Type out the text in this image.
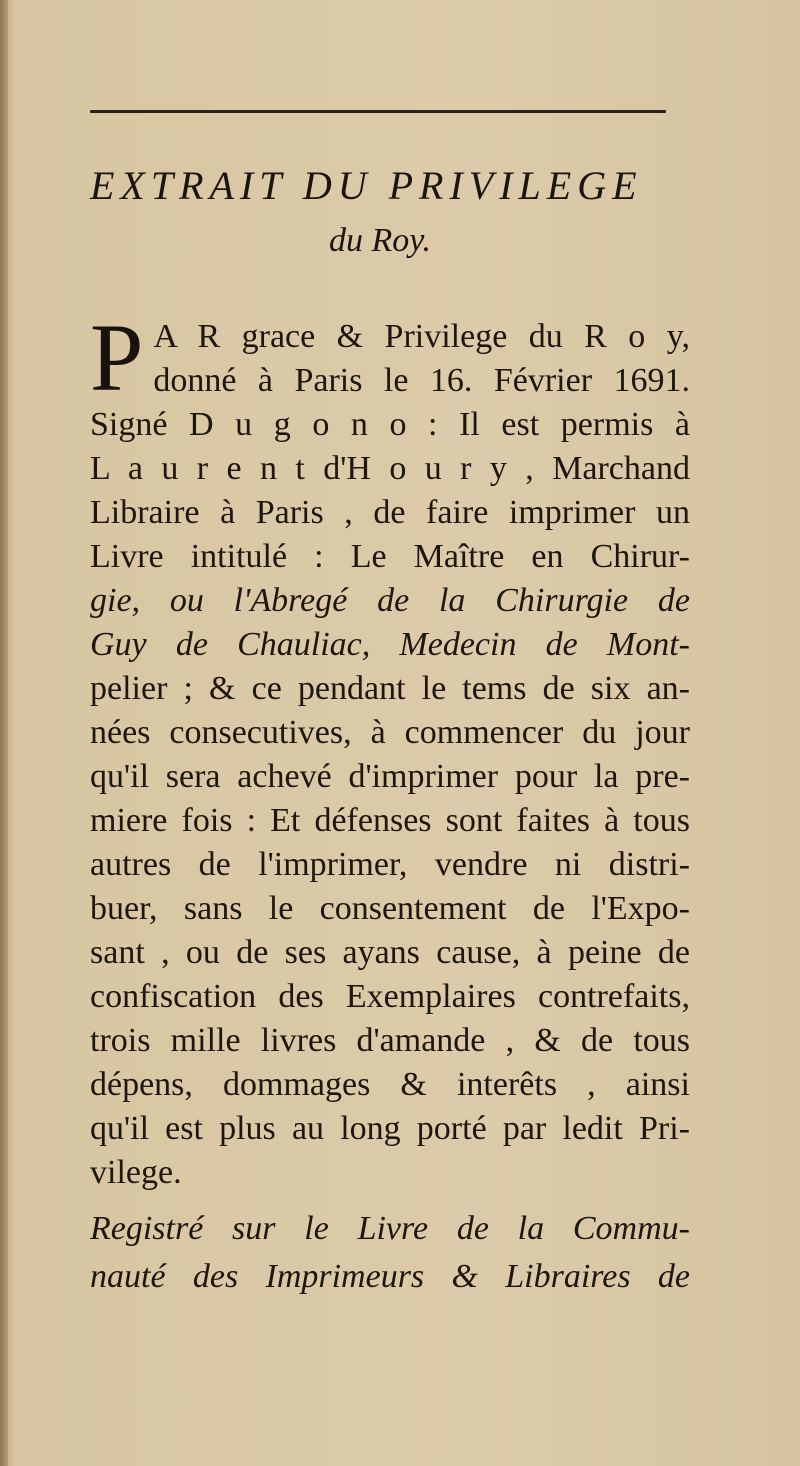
EXTRAIT DU PRIVILEGE
du Roy.
P A R grace & Privilege du R o y,
donné à Paris le 16. Février 1691.
Signé D u g o n o : Il est permis à
L a u r e n t d'H o u r y , Marchand
Libraire à Paris , de faire imprimer un
Livre intitulé : Le Maître en Chirur-
gie, ou l'Abregé de la Chirurgie de
Guy de Chauliac, Medecin de Mont-
pelier ; & ce pendant le tems de six an-
nées consecutives, à commencer du jour
qu'il sera achevé d'imprimer pour la pre-
miere fois : Et défenses sont faites à tous
autres de l'imprimer, vendre ni distri-
buer, sans le consentement de l'Expo-
sant , ou de ses ayans cause, à peine de
confiscation des Exemplaires contrefaits,
trois mille livres d'amande , & de tous
dépens, dommages & interêts , ainsi
qu'il est plus au long porté par ledit Pri-
vilege.
Registré sur le Livre de la Commu-
nauté des Imprimeurs & Libraires de
